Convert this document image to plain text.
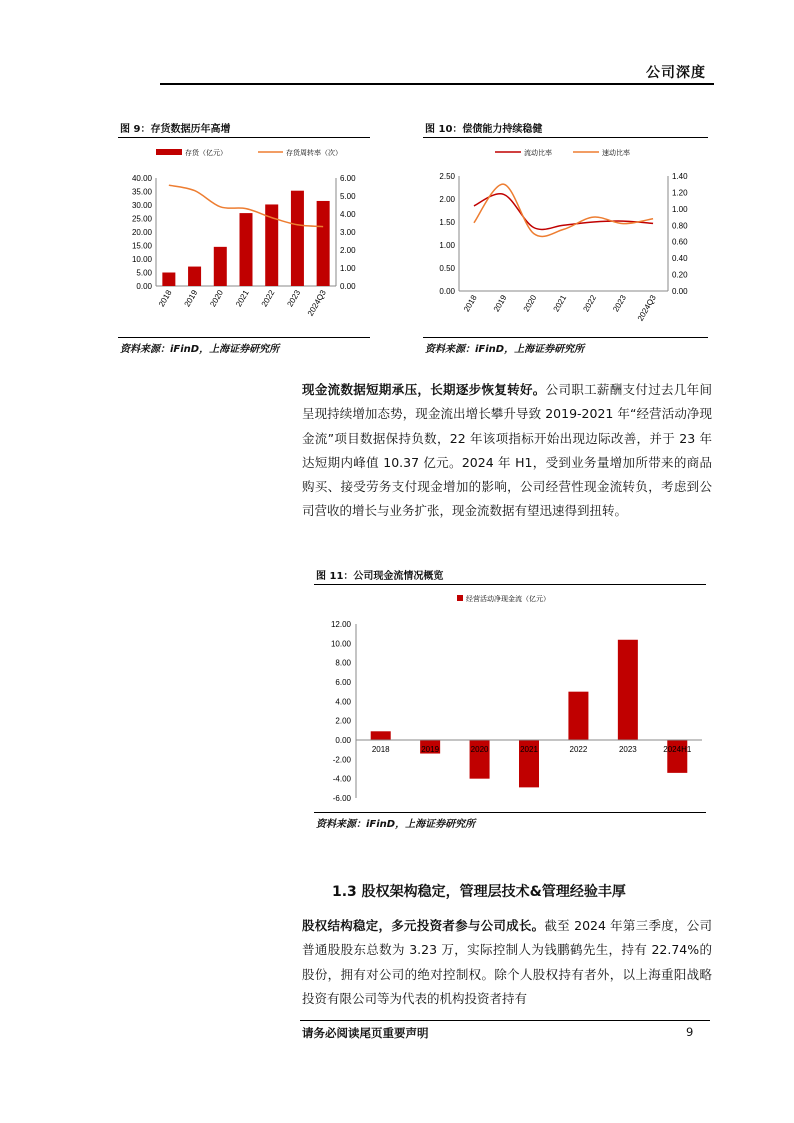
公司深度
图 9：存货数据历年高增
存货（亿元）	存货周转率（次）
0.00
5.00
10.00
15.00
20.00
25.00
30.00
35.00
40.00
0.00
1.00
2.00
3.00
4.00
5.00
6.00
2018 2019 2020 2021 2022 2023 2024Q3
资料来源：iFinD，上海证券研究所
图 10：偿债能力持续稳健
流动比率	速动比率
0.00
0.50
1.00
1.50
2.00
2.50
0.00
0.20
0.40
0.60
0.80
1.00
1.20
1.40
2018 2019 2020 2021 2022 2023 2024Q3
资料来源：iFinD，上海证券研究所
现金流数据短期承压，长期逐步恢复转好。公司职工薪酬支付过去几年间呈现持续增加态势，现金流出增长攀升导致 2019-2021 年“经营活动净现金流”项目数据保持负数，22 年该项指标开始出现边际改善，并于 23 年达短期内峰值 10.37 亿元。2024 年 H1，受到业务量增加所带来的商品购买、接受劳务支付现金增加的影响，公司经营性现金流转负，考虑到公司营收的增长与业务扩张，现金流数据有望迅速得到扭转。
图 11：公司现金流情况概览
经营活动净现金流（亿元）
-6.00
-4.00
-2.00
0.00
2.00
4.00
6.00
8.00
10.00
12.00
2018	2019	2020	2021	2022	2023	2024H1
资料来源：iFinD，上海证券研究所
1.3 股权架构稳定，管理层技术&管理经验丰厚
股权结构稳定，多元投资者参与公司成长。截至 2024 年第三季度，公司普通股股东总数为 3.23 万，实际控制人为钱鹏鹤先生，持有 22.74%的股份，拥有对公司的绝对控制权。除个人股权持有者外，以上海重阳战略投资有限公司等为代表的机构投资者持有
请务必阅读尾页重要声明	9
